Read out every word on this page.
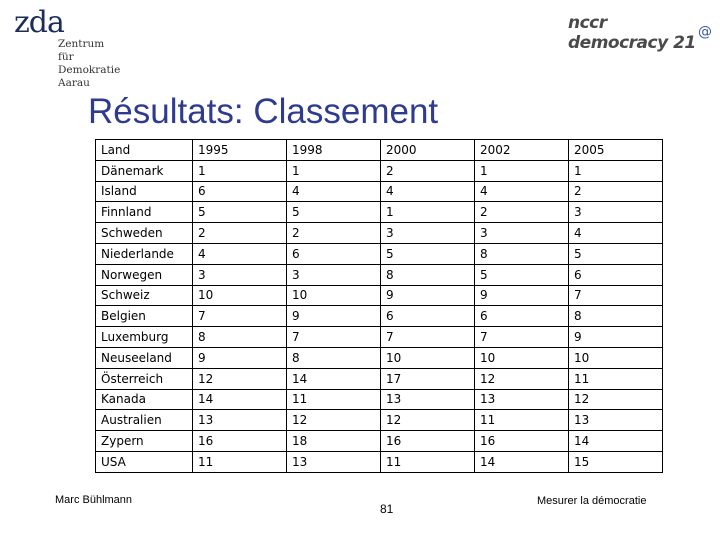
zda
Zentrum für
Demokratie
Aarau
nccr
democracy 21
@
Résultats: Classement
Land	1995	1998	2000	2002	2005
Dänemark	1	1	2	1	1
Island	6	4	4	4	2
Finnland	5	5	1	2	3
Schweden	2	2	3	3	4
Niederlande	4	6	5	8	5
Norwegen	3	3	8	5	6
Schweiz	10	10	9	9	7
Belgien	7	9	6	6	8
Luxemburg	8	7	7	7	9
Neuseeland	9	8	10	10	10
Österreich	12	14	17	12	11
Kanada	14	11	13	13	12
Australien	13	12	12	11	13
Zypern	16	18	16	16	14
USA	11	13	11	14	15
Marc Bühlmann
81
Mesurer la démocratie
